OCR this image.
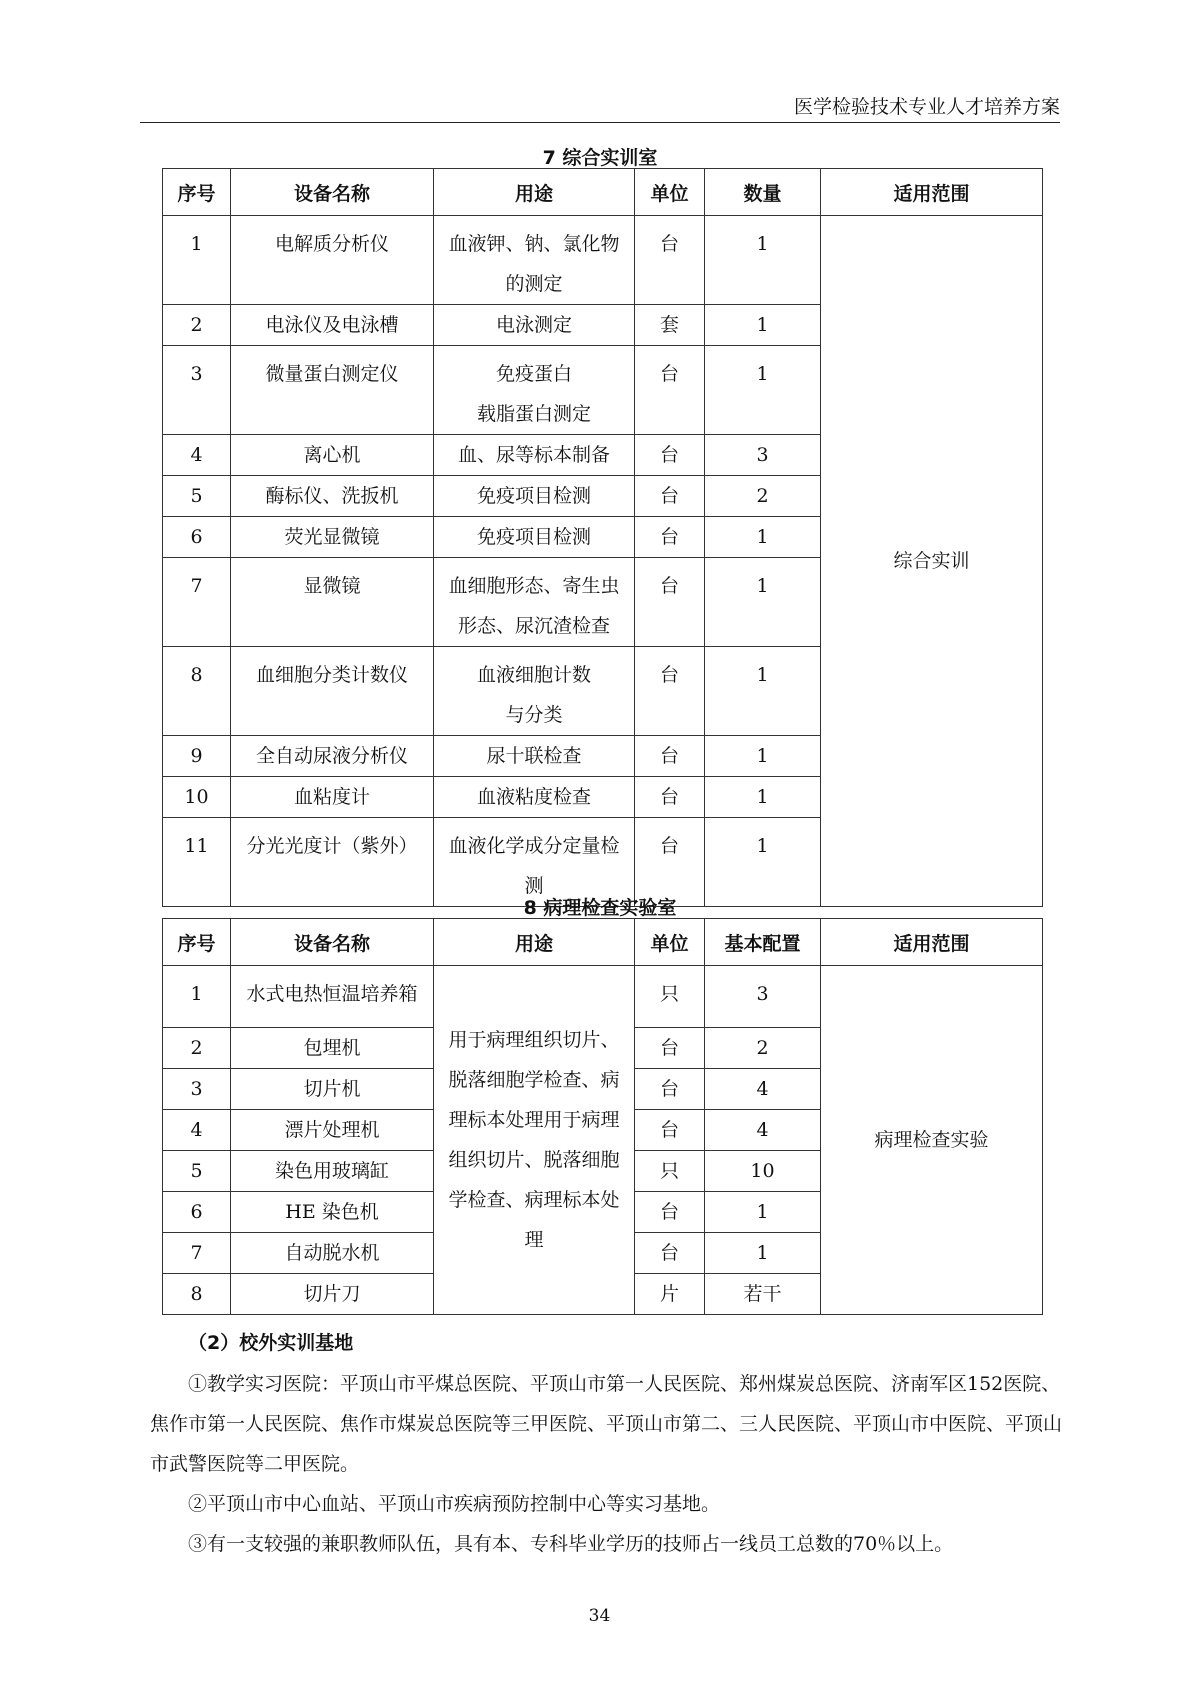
医学检验技术专业人才培养方案
7 综合实训室
序号	设备名称	用途	单位	数量	适用范围
1	电解质分析仪	血液钾、钠、氯化物的测定	台	1	综合实训
2	电泳仪及电泳槽	电泳测定	套	1	
3	微量蛋白测定仪	免疫蛋白
载脂蛋白测定	台	1	
4	离心机	血、尿等标本制备	台	3	
5	酶标仪、洗扳机	免疫项目检测	台	2	
6	荧光显微镜	免疫项目检测	台	1	
7	显微镜	血细胞形态、寄生虫形态、尿沉渣检查	台	1	
8	血细胞分类计数仪	血液细胞计数
与分类	台	1	
9	全自动尿液分析仪	尿十联检查	台	1	
10	血粘度计	血液粘度检查	台	1	
11	分光光度计（紫外）	血液化学成分定量检测	台	1	
8 病理检查实验室
序号	设备名称	用途	单位	基本配置	适用范围
1	水式电热恒温培养箱	用于病理组织切片、脱落细胞学检查、病理标本处理用于病理组织切片、脱落细胞学检查、病理标本处理	只	3	病理检查实验
2	包埋机		台	2	
3	切片机		台	4	
4	漂片处理机		台	4	
5	染色用玻璃缸		只	10	
6	HE 染色机		台	1	
7	自动脱水机		台	1	
8	切片刀		片	若干	
（2）校外实训基地
①教学实习医院：平顶山市平煤总医院、平顶山市第一人民医院、郑州煤炭总医院、济南军区152医院、焦作市第一人民医院、焦作市煤炭总医院等三甲医院、平顶山市第二、三人民医院、平顶山市中医院、平顶山市武警医院等二甲医院。
②平顶山市中心血站、平顶山市疾病预防控制中心等实习基地。
③有一支较强的兼职教师队伍，具有本、专科毕业学历的技师占一线员工总数的70％以上。
34
